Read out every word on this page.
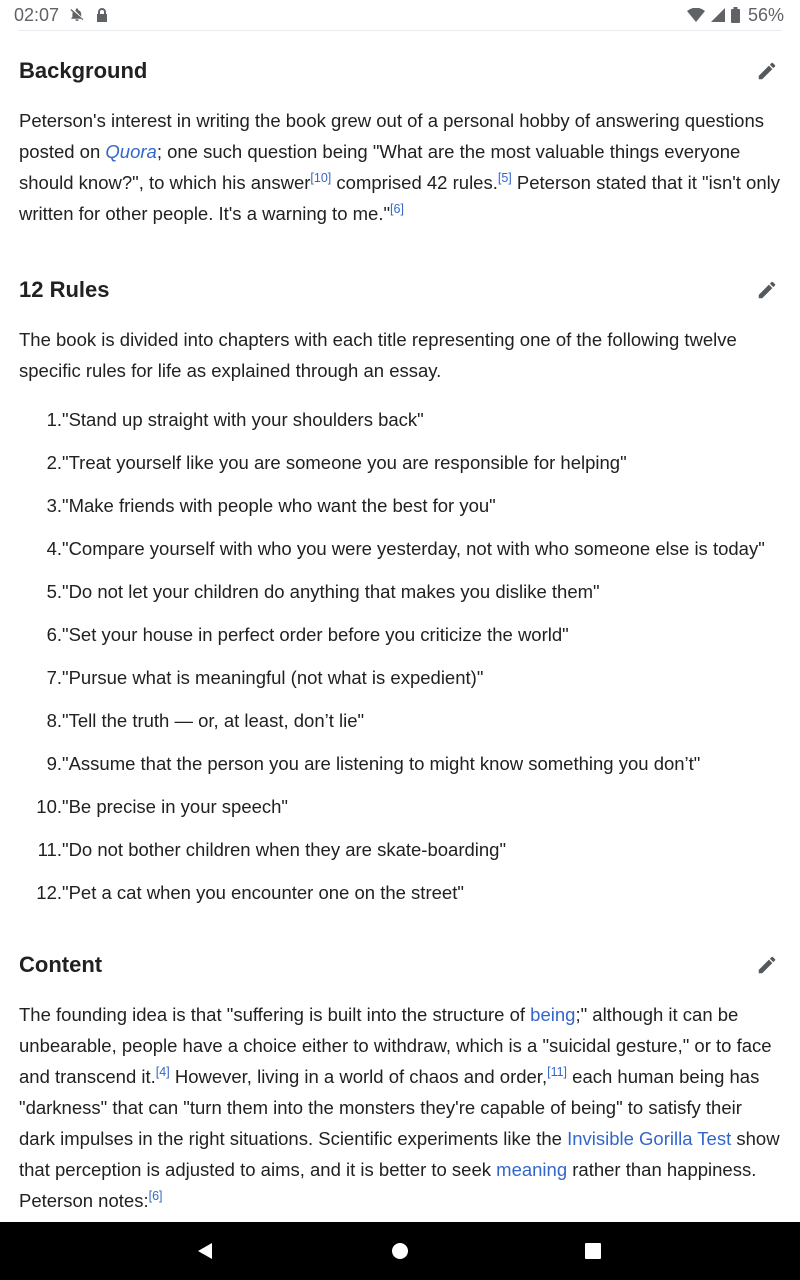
02:07	56%
Background

Peterson's interest in writing the book grew out of a personal hobby of answering questions posted on Quora; one such question being "What are the most valuable things everyone should know?", to which his answer[10] comprised 42 rules.[5] Peterson stated that it "isn't only written for other people. It's a warning to me."[6]

12 Rules

The book is divided into chapters with each title representing one of the following twelve specific rules for life as explained through an essay.

1. "Stand up straight with your shoulders back"
2. "Treat yourself like you are someone you are responsible for helping"
3. "Make friends with people who want the best for you"
4. "Compare yourself with who you were yesterday, not with who someone else is today"
5. "Do not let your children do anything that makes you dislike them"
6. "Set your house in perfect order before you criticize the world"
7. "Pursue what is meaningful (not what is expedient)"
8. "Tell the truth — or, at least, don’t lie"
9. "Assume that the person you are listening to might know something you don’t"
10. "Be precise in your speech"
11. "Do not bother children when they are skate-boarding"
12. "Pet a cat when you encounter one on the street"
Content

The founding idea is that "suffering is built into the structure of being;" although it can be unbearable, people have a choice either to withdraw, which is a "suicidal gesture," or to face and transcend it.[4] However, living in a world of chaos and order,[11] each human being has "darkness" that can "turn them into the monsters they're capable of being" to satisfy their dark impulses in the right situations. Scientific experiments like the Invisible Gorilla Test show that perception is adjusted to aims, and it is better to seek meaning rather than happiness. Peterson notes:[6]
